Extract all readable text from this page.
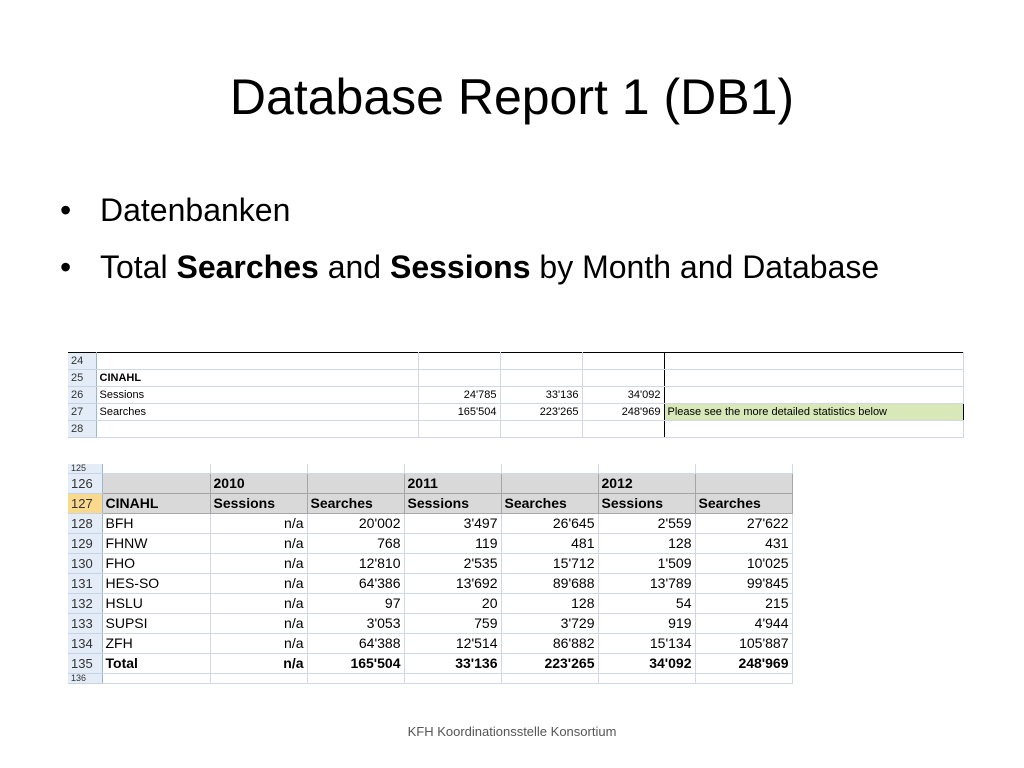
Database Report 1 (DB1)
• Datenbanken
• Total Searches and Sessions by Month and Database
24					
25	CINAHL				
26	Sessions	24'785	33'136	34'092	
27	Searches	165'504	223'265	248'969	Please see the more detailed statistics below
28					
125							
126		2010		2011		2012	
127	CINAHL	Sessions	Searches	Sessions	Searches	Sessions	Searches
128	BFH	n/a	20'002	3'497	26'645	2'559	27'622
129	FHNW	n/a	768	119	481	128	431
130	FHO	n/a	12'810	2'535	15'712	1'509	10'025
131	HES-SO	n/a	64'386	13'692	89'688	13'789	99'845
132	HSLU	n/a	97	20	128	54	215
133	SUPSI	n/a	3'053	759	3'729	919	4'944
134	ZFH	n/a	64'388	12'514	86'882	15'134	105'887
135	Total	n/a	165'504	33'136	223'265	34'092	248'969
136							
KFH Koordinationsstelle Konsortium
